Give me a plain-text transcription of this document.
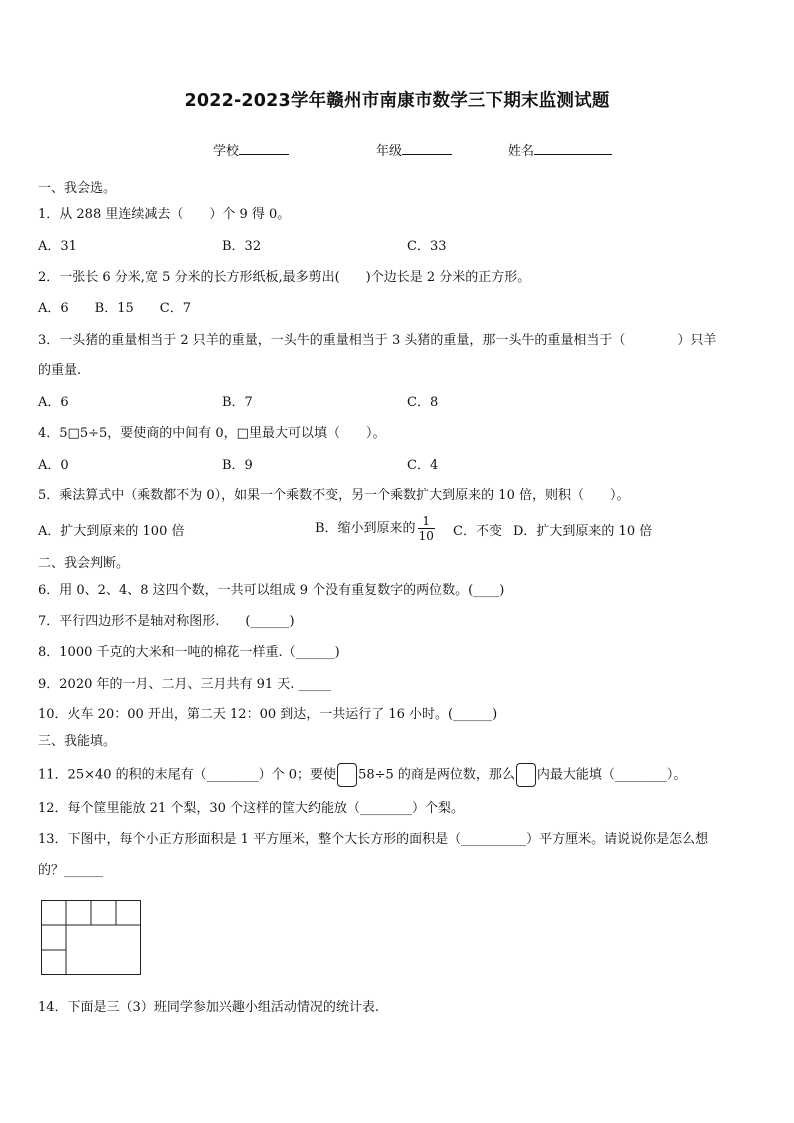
2022-2023学年赣州市南康市数学三下期末监测试题
学校	年级	姓名
一、我会选。
1．从 288 里连续减去（　　）个 9 得 0。
A．31	B．32	C．33
2．一张长 6 分米,宽 5 分米的长方形纸板,最多剪出(　　)个边长是 2 分米的正方形。
A．6　　B．15　　C．7
3．一头猪的重量相当于 2 只羊的重量，一头牛的重量相当于 3 头猪的重量，那一头牛的重量相当于（　　　　）只羊
的重量.
A．6	B．7	C．8
4．5□5÷5，要使商的中间有 0，□里最大可以填（　　）。
A．0	B．9	C．4
5．乘法算式中（乘数都不为 0），如果一个乘数不变，另一个乘数扩大到原来的 10 倍，则积（　　）。
A．扩大到原来的 100 倍	B．缩小到原来的 $\frac{1}{10}$ C．不变 D．扩大到原来的 10 倍
二、我会判断。
6．用 0、2、4、8 这四个数，一共可以组成 9 个没有重复数字的两位数。(____)
7．平行四边形不是轴对称图形.　　(______)
8．1000 千克的大米和一吨的棉花一样重.（______)
9．2020 年的一月、二月、三月共有 91 天. _____
10．火车 20：00 开出，第二天 12：00 到达，一共运行了 16 小时。(______)
三、我能填。
11．25×40 的积的末尾有（________）个 0；要使 58÷5 的商是两位数，那么 内最大能填（________）。
12．每个筐里能放 21 个梨，30 个这样的筐大约能放（________）个梨。
13．下图中，每个小正方形面积是 1 平方厘米，整个大长方形的面积是（__________）平方厘米。请说说你是怎么想
的？______
14．下面是三（3）班同学参加兴趣小组活动情况的统计表.
